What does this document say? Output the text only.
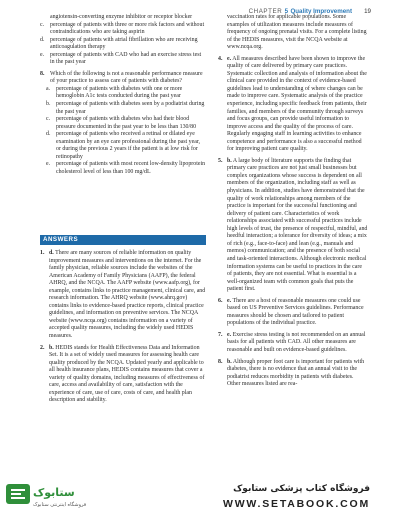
CHAPTER 5 Quality Improvement 19

angiotensin-converting enzyme inhibitor or receptor blocker

c. percentage of patients with three or more risk factors and without contraindications who are taking aspirin

d. percentage of patients with atrial fibrillation who are receiving anticoagulation therapy

e. percentage of patients with CAD who had an exercise stress test in the past year

8. Which of the following is not a reasonable performance measure of your practice to assess care of patients with diabetes?

a. percentage of patients with diabetes with one or more hemoglobin A1c tests conducted during the past year

b. percentage of patients with diabetes seen by a podiatrist during the past year

c. percentage of patients with diabetes who had their blood pressure documented in the past year to be less than 130/80

d. percentage of patients who received a retinal or dilated eye examination by an eye care professional during the past year, or during the previous 2 years if the patient is at low risk for retinopathy

e. percentage of patients with most recent low-density lipoprotein cholesterol level of less than 100 mg/dL

ANSWERS
1. d. There are many sources of reliable information on quality improvement measures and interventions on the internet. For the family physician, reliable sources include the websites of the American Academy of Family Physicians (AAFP), the federal AHRQ, and the NCQA. The AAFP website (www.aafp.org), for example, contains links to practice management, clinical care, and research information. The AHRQ website (www.ahrq.gov) contains links to evidence-based practice reports, clinical practice guidelines, and information on preventive services. The NCQA website (www.ncqa.org) contains information on a variety of accepted quality measures, including the widely used HEDIS measures.

2. b. HEDIS stands for Health Effectiveness Data and Information Set. It is a set of widely used measures for assessing health care quality produced by the NCQA. Updated yearly and applicable to all health insurance plans, HEDIS contains measures that cover a variety of quality domains, including measures of effectiveness of care, access and availability of care, satisfaction with the experience of care, use of care, costs of care, and health plan description and stability.

vaccination rates for applicable populations. Some examples of utilization measures include measures of frequency of ongoing prenatal visits. For a complete listing of the HEDIS measures, visit the NCQA website at www.ncqa.org.

4. e. All measures described have been shown to improve the quality of care delivered by primary care practices. Systematic collection and analysis of information about the clinical care provided in the context of evidence-based guidelines lead to understanding of where changes can be made to improve care. Systematic analysis of the practice experience, including specific feedback from patients, their families, and members of the community through surveys and focus groups, can provide useful information to improve access and the quality of the process of care. Regularly engaging staff in learning activities to enhance competence and performance is also a successful method for improving patient care quality.

5. b. A large body of literature supports the finding that primary care practices are not just small businesses but complex organizations whose success is dependent on all members of the organization, including staff as well as physicians. In addition, studies have demonstrated that the quality of work relationships among members of the practice is important for the successful functioning and delivery of patient care. Characteristics of work relationships associated with successful practices include high levels of trust, the presence of respectful, mindful, and heedful interaction; a tolerance for diversity of ideas; a mix of rich (e.g., face-to-face) and lean (e.g., manuals and memos) communication; and the presence of both social and task-oriented interactions. Although electronic medical information systems can be useful to practices in the care of patients, they are not essential. What is essential is a well-organized team with common goals that puts the patient first.

6. e. There are a host of reasonable measures one could use based on US Preventive Services guidelines. Performance measures should be chosen and tailored to patient populations of the individual practice.

7. e. Exercise stress testing is not recommended on an annual basis for all patients with CAD. All other measures are reasonable and built on evidence-based guidelines.

8. b. Although proper foot care is important for patients with diabetes, there is no evidence that an annual visit to the podiatrist reduces morbidity in patients with diabetes. Other measures listed are rea-

ستابوک
فروشگاه اینترنتی ستابوک
فروشگاه کتاب پزشکی ستابوک
WWW.SETABOOK.COM
